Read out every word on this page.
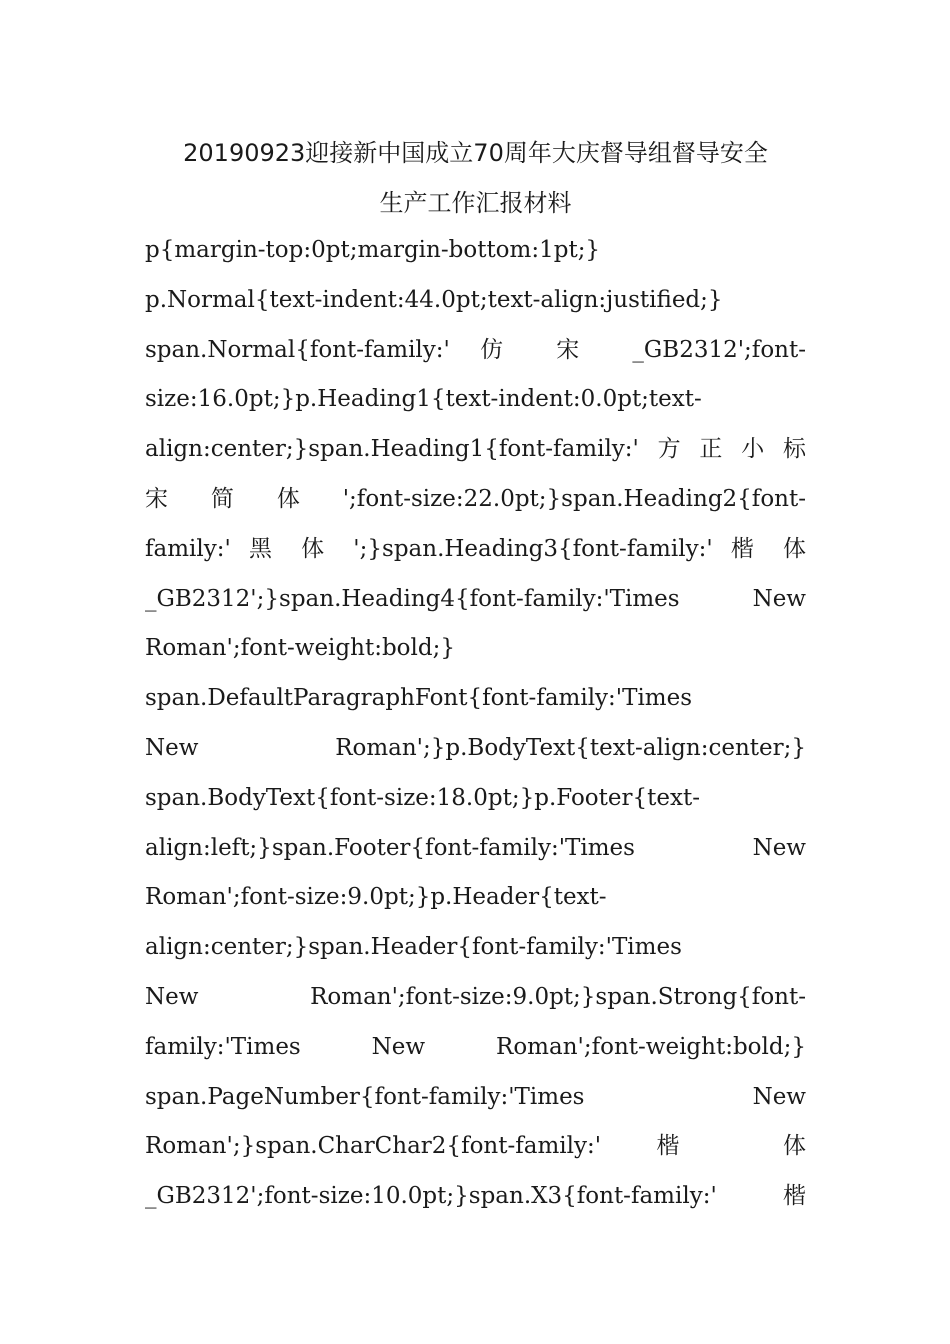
20190923迎接新中国成立70周年大庆督导组督导安全
生产工作汇报材料
p{margin-top:0pt;margin-bottom:1pt;}
p.Normal{text-indent:44.0pt;text-align:justified;}
span.Normal{font-family:' 仿 宋 _GB2312';font-
size:16.0pt;}p.Heading1{text-indent:0.0pt;text-
align:center;}span.Heading1{font-family:'方正小标
宋 简 体 ';font-size:22.0pt;}span.Heading2{font-
family:' 黑 体 ';}span.Heading3{font-family:' 楷 体
_GB2312';}span.Heading4{font-family:'Times New
Roman';font-weight:bold;}
span.DefaultParagraphFont{font-family:'Times
New Roman';}p.BodyText{text-align:center;}
span.BodyText{font-size:18.0pt;}p.Footer{text-
align:left;}span.Footer{font-family:'Times New
Roman';font-size:9.0pt;}p.Header{text-
align:center;}span.Header{font-family:'Times
New Roman';font-size:9.0pt;}span.Strong{font-
family:'Times New Roman';font-weight:bold;}
span.PageNumber{font-family:'Times New
Roman';}span.CharChar2{font-family:' 楷 体
_GB2312';font-size:10.0pt;}span.X3{font-family:'楷
